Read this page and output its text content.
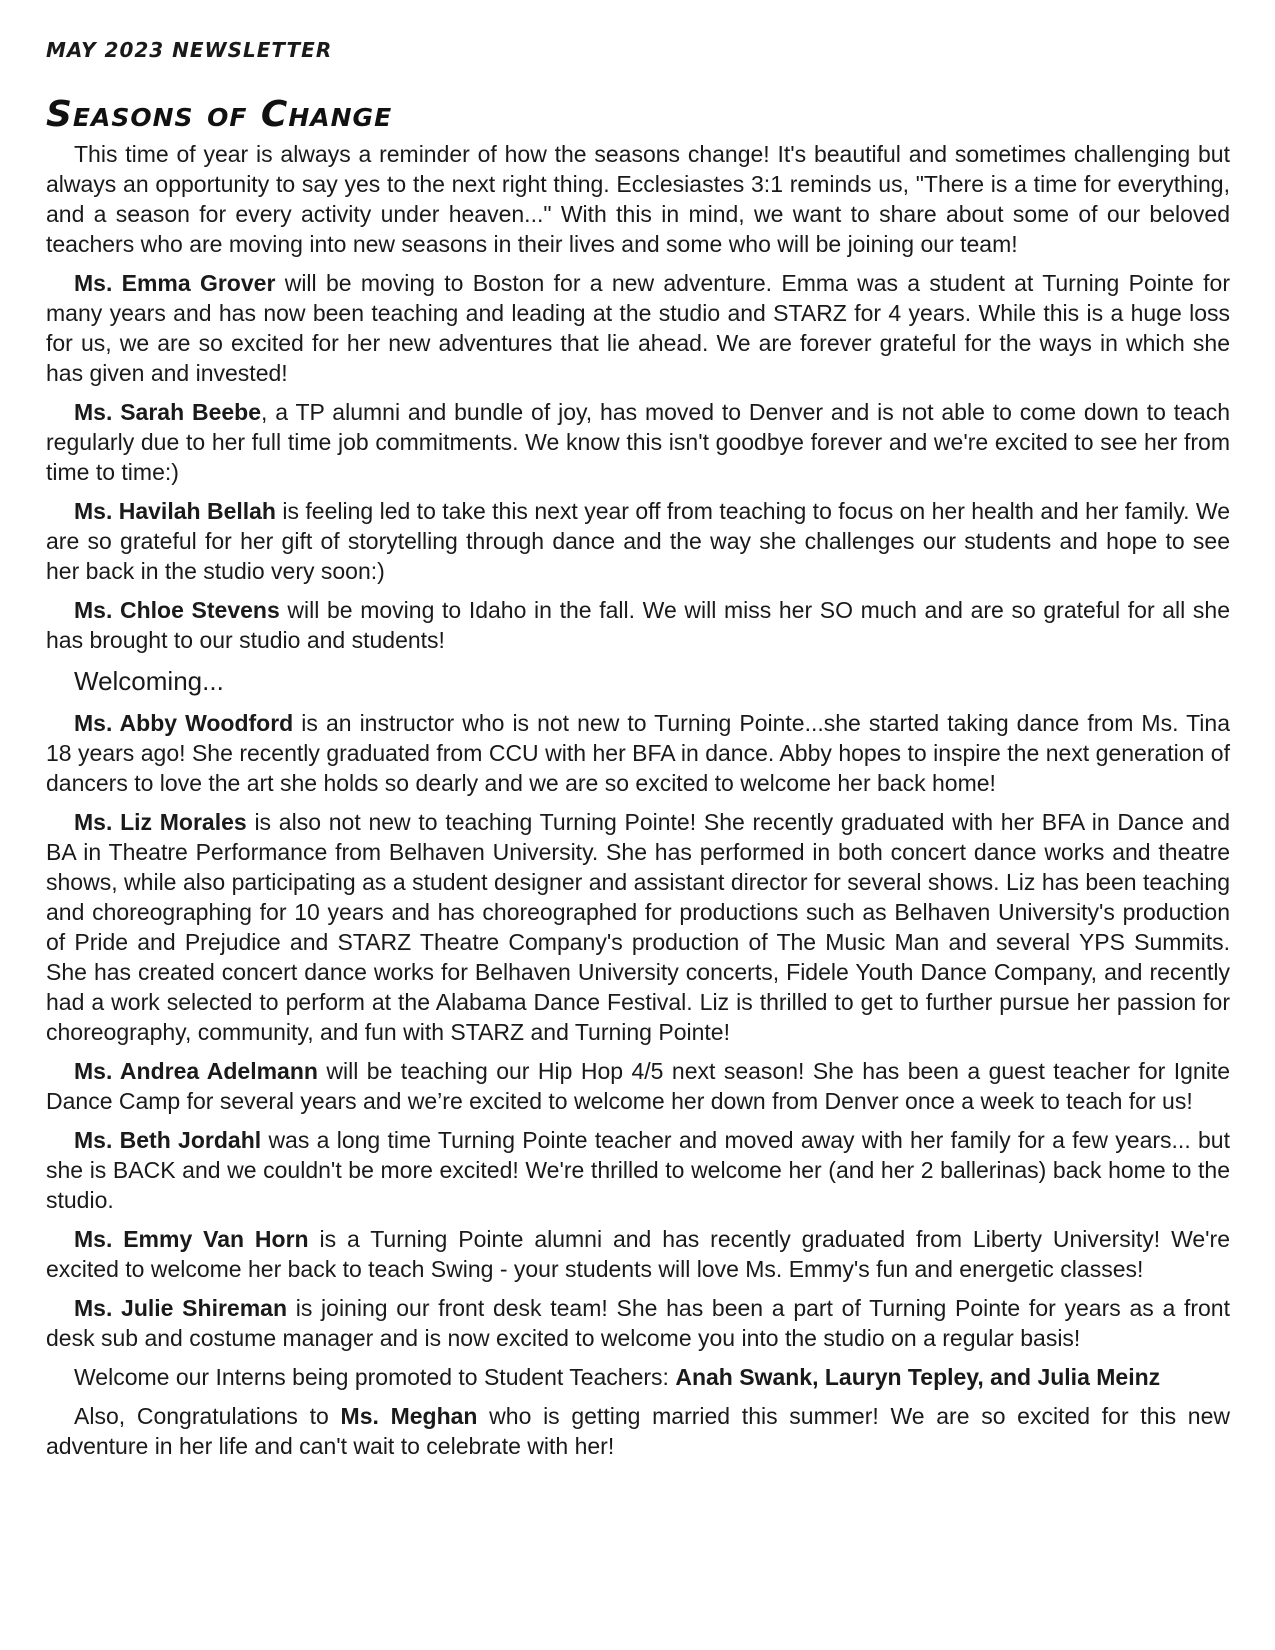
MAY 2023 NEWSLETTER
Seasons of Change

This time of year is always a reminder of how the seasons change! It's beautiful and sometimes challenging but always an opportunity to say yes to the next right thing. Ecclesiastes 3:1 reminds us, "There is a time for everything, and a season for every activity under heaven..." With this in mind, we want to share about some of our beloved teachers who are moving into new seasons in their lives and some who will be joining our team!

Ms. Emma Grover will be moving to Boston for a new adventure. Emma was a student at Turning Pointe for many years and has now been teaching and leading at the studio and STARZ for 4 years. While this is a huge loss for us, we are so excited for her new adventures that lie ahead. We are forever grateful for the ways in which she has given and invested!

Ms. Sarah Beebe, a TP alumni and bundle of joy, has moved to Denver and is not able to come down to teach regularly due to her full time job commitments. We know this isn't goodbye forever and we're excited to see her from time to time:)

Ms. Havilah Bellah is feeling led to take this next year off from teaching to focus on her health and her family. We are so grateful for her gift of storytelling through dance and the way she challenges our students and hope to see her back in the studio very soon:)

Ms. Chloe Stevens will be moving to Idaho in the fall. We will miss her SO much and are so grateful for all she has brought to our studio and students!

Welcoming...

Ms. Abby Woodford is an instructor who is not new to Turning Pointe...she started taking dance from Ms. Tina 18 years ago! She recently graduated from CCU with her BFA in dance. Abby hopes to inspire the next generation of dancers to love the art she holds so dearly and we are so excited to welcome her back home!

Ms. Liz Morales is also not new to teaching Turning Pointe! She recently graduated with her BFA in Dance and BA in Theatre Performance from Belhaven University. She has performed in both concert dance works and theatre shows, while also participating as a student designer and assistant director for several shows. Liz has been teaching and choreographing for 10 years and has choreographed for productions such as Belhaven University's production of Pride and Prejudice and STARZ Theatre Company's production of The Music Man and several YPS Summits. She has created concert dance works for Belhaven University concerts, Fidele Youth Dance Company, and recently had a work selected to perform at the Alabama Dance Festival. Liz is thrilled to get to further pursue her passion for choreography, community, and fun with STARZ and Turning Pointe!

Ms. Andrea Adelmann will be teaching our Hip Hop 4/5 next season! She has been a guest teacher for Ignite Dance Camp for several years and we’re excited to welcome her down from Denver once a week to teach for us!

Ms. Beth Jordahl was a long time Turning Pointe teacher and moved away with her family for a few years... but she is BACK and we couldn't be more excited! We're thrilled to welcome her (and her 2 ballerinas) back home to the studio.

Ms. Emmy Van Horn is a Turning Pointe alumni and has recently graduated from Liberty University! We're excited to welcome her back to teach Swing - your students will love Ms. Emmy's fun and energetic classes!

Ms. Julie Shireman is joining our front desk team! She has been a part of Turning Pointe for years as a front desk sub and costume manager and is now excited to welcome you into the studio on a regular basis!

Welcome our Interns being promoted to Student Teachers: Anah Swank, Lauryn Tepley, and Julia Meinz

Also, Congratulations to Ms. Meghan who is getting married this summer! We are so excited for this new adventure in her life and can't wait to celebrate with her!
